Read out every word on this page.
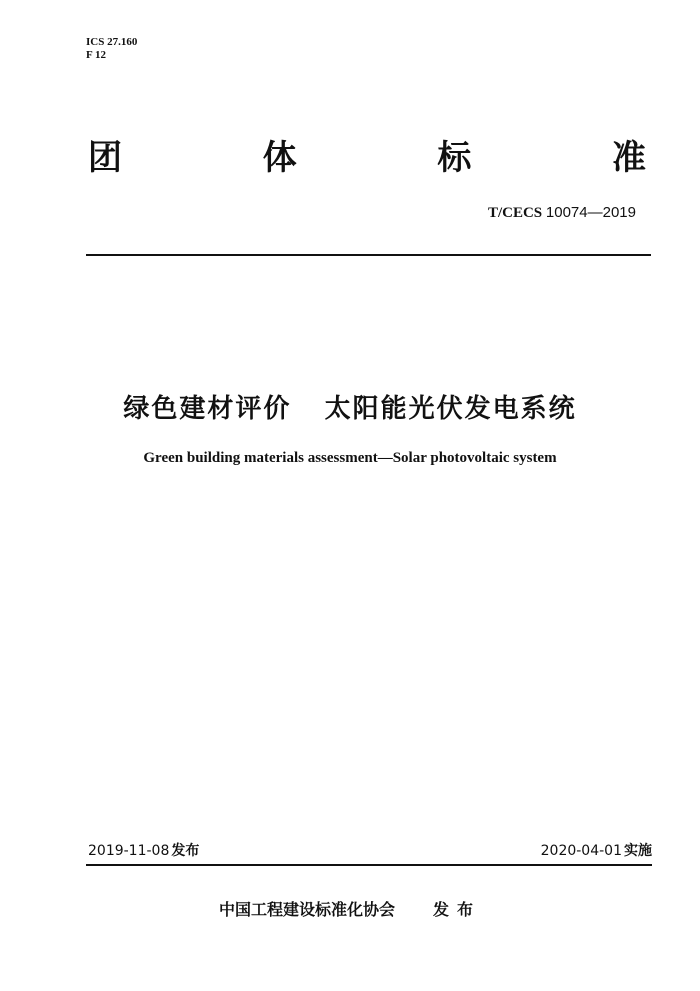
ICS 27.160
F 12
团	体	标	准
T/CECS 10074—2019
绿色建材评价   太阳能光伏发电系统
Green building materials assessment—Solar photovoltaic system
2019-11-08 发布	2020-04-01 实施
中国工程建设标准化协会 发布
